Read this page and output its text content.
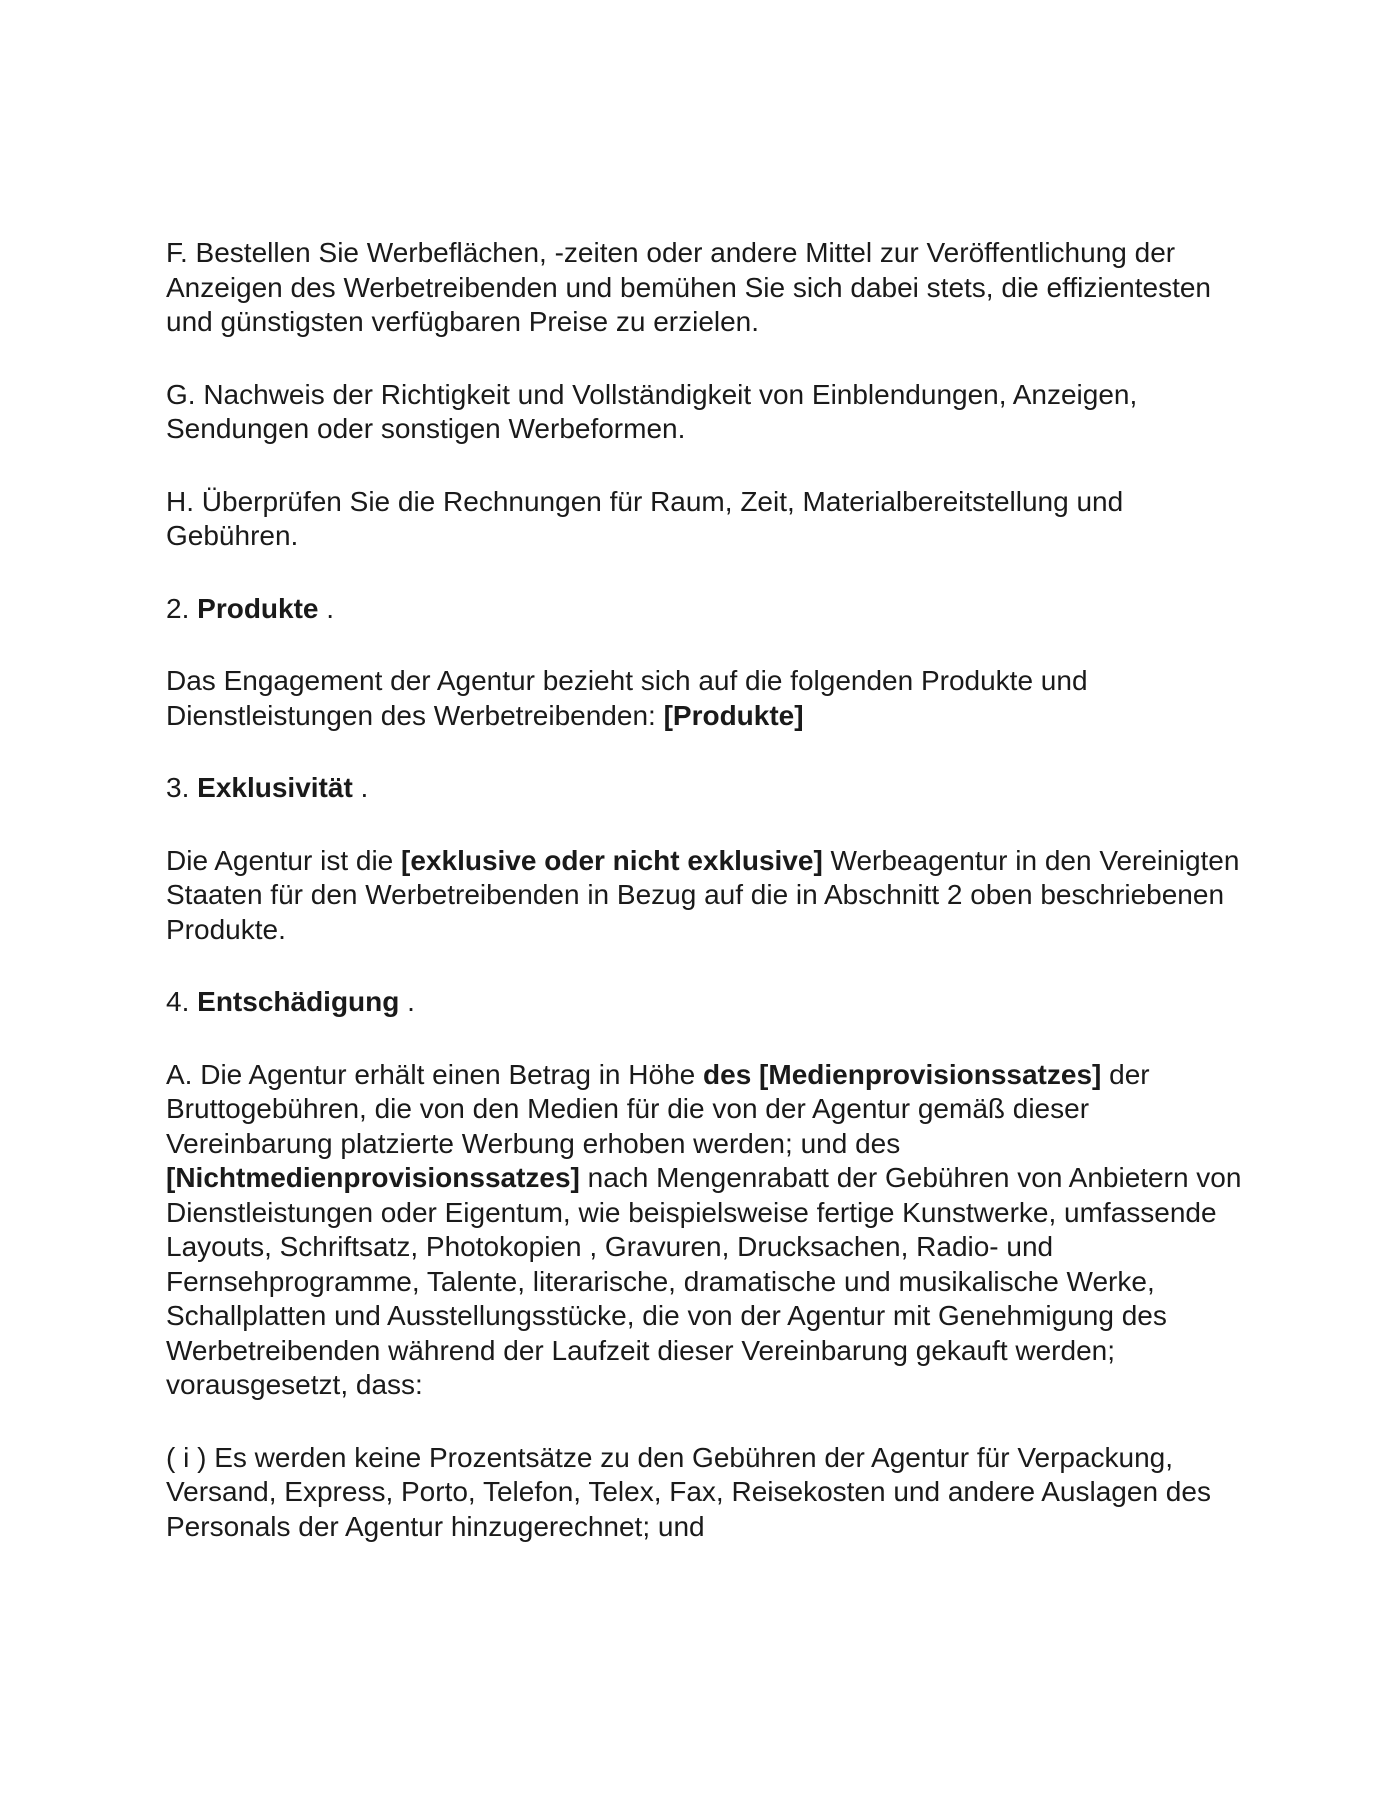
F. Bestellen Sie Werbeflächen, -zeiten oder andere Mittel zur Veröffentlichung der Anzeigen des Werbetreibenden und bemühen Sie sich dabei stets, die effizientesten und günstigsten verfügbaren Preise zu erzielen.

G. Nachweis der Richtigkeit und Vollständigkeit von Einblendungen, Anzeigen, Sendungen oder sonstigen Werbeformen.

H. Überprüfen Sie die Rechnungen für Raum, Zeit, Materialbereitstellung und Gebühren.

2. Produkte .

Das Engagement der Agentur bezieht sich auf die folgenden Produkte und Dienstleistungen des Werbetreibenden: [Produkte]

3. Exklusivität .

Die Agentur ist die [exklusive oder nicht exklusive] Werbeagentur in den Vereinigten Staaten für den Werbetreibenden in Bezug auf die in Abschnitt 2 oben beschriebenen Produkte.

4. Entschädigung .

A. Die Agentur erhält einen Betrag in Höhe des [Medienprovisionssatzes] der Bruttogebühren, die von den Medien für die von der Agentur gemäß dieser Vereinbarung platzierte Werbung erhoben werden; und des [Nichtmedienprovisionssatzes] nach Mengenrabatt der Gebühren von Anbietern von Dienstleistungen oder Eigentum, wie beispielsweise fertige Kunstwerke, umfassende Layouts, Schriftsatz, Photokopien , Gravuren, Drucksachen, Radio- und Fernsehprogramme, Talente, literarische, dramatische und musikalische Werke, Schallplatten und Ausstellungsstücke, die von der Agentur mit Genehmigung des Werbetreibenden während der Laufzeit dieser Vereinbarung gekauft werden; vorausgesetzt, dass:

( i ) Es werden keine Prozentsätze zu den Gebühren der Agentur für Verpackung, Versand, Express, Porto, Telefon, Telex, Fax, Reisekosten und andere Auslagen des Personals der Agentur hinzugerechnet; und
